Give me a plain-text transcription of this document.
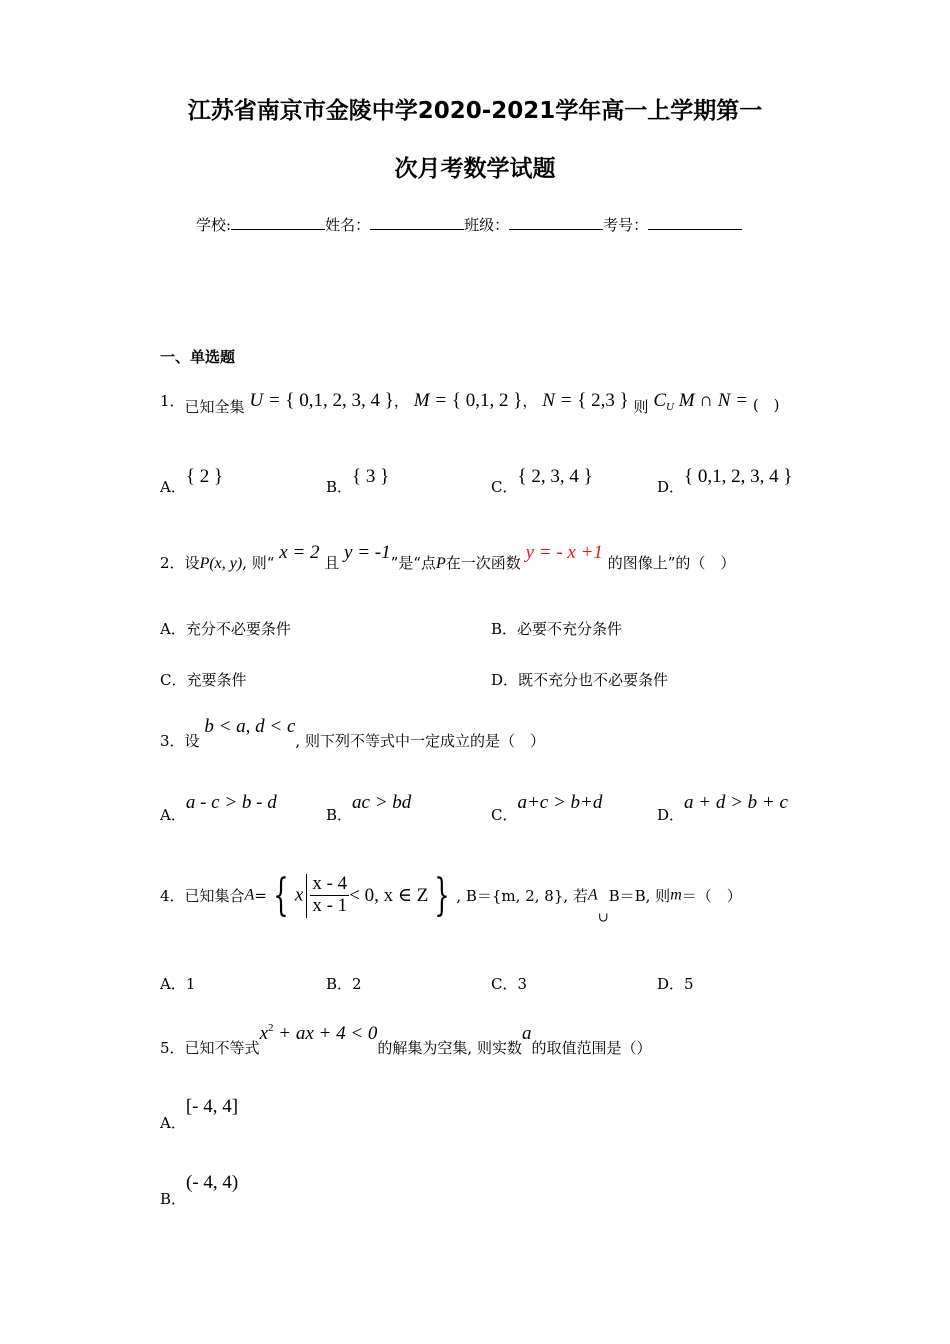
江苏省南京市金陵中学2020-2021学年高一上学期第一
次月考数学试题
学校:	姓名：	班级：	考号：
一、单选题
1．已知全集 U = { 0,1, 2, 3, 4 }， M = { 0,1, 2 }， N = { 2,3 } 则 $C_U$ M ∩ N = (　)
A．{ 2 }	B．{ 3 }	C．{ 2, 3, 4 }	D．{ 0,1, 2, 3, 4 }
2．设P(x, y), 则“ x = 2 且 y = -1”是“点P在一次函数 y = - x +1 的图像上”的（　）
A．充分不必要条件	B．必要不充分条件
C．充要条件	D．既不充分也不必要条件
3．设 b < a, d < c, 则下列不等式中一定成立的是（　）
A．a - c > b - d
B．ac > bd
C．a+c > b+d
D．a + d > b + c
4．已知集合A= { x $\frac{x - 4}{x - 1} < 0$, x ∈ Z } , B＝{m, 2, 8}, 若A∪B＝B, 则m＝（　）
A．1	B．2	C．3	D．5
5．已知不等式$x^2$ + ax + 4 < 0的解集为空集, 则实数a的取值范围是（）
A．[- 4, 4]
B．(- 4, 4)
